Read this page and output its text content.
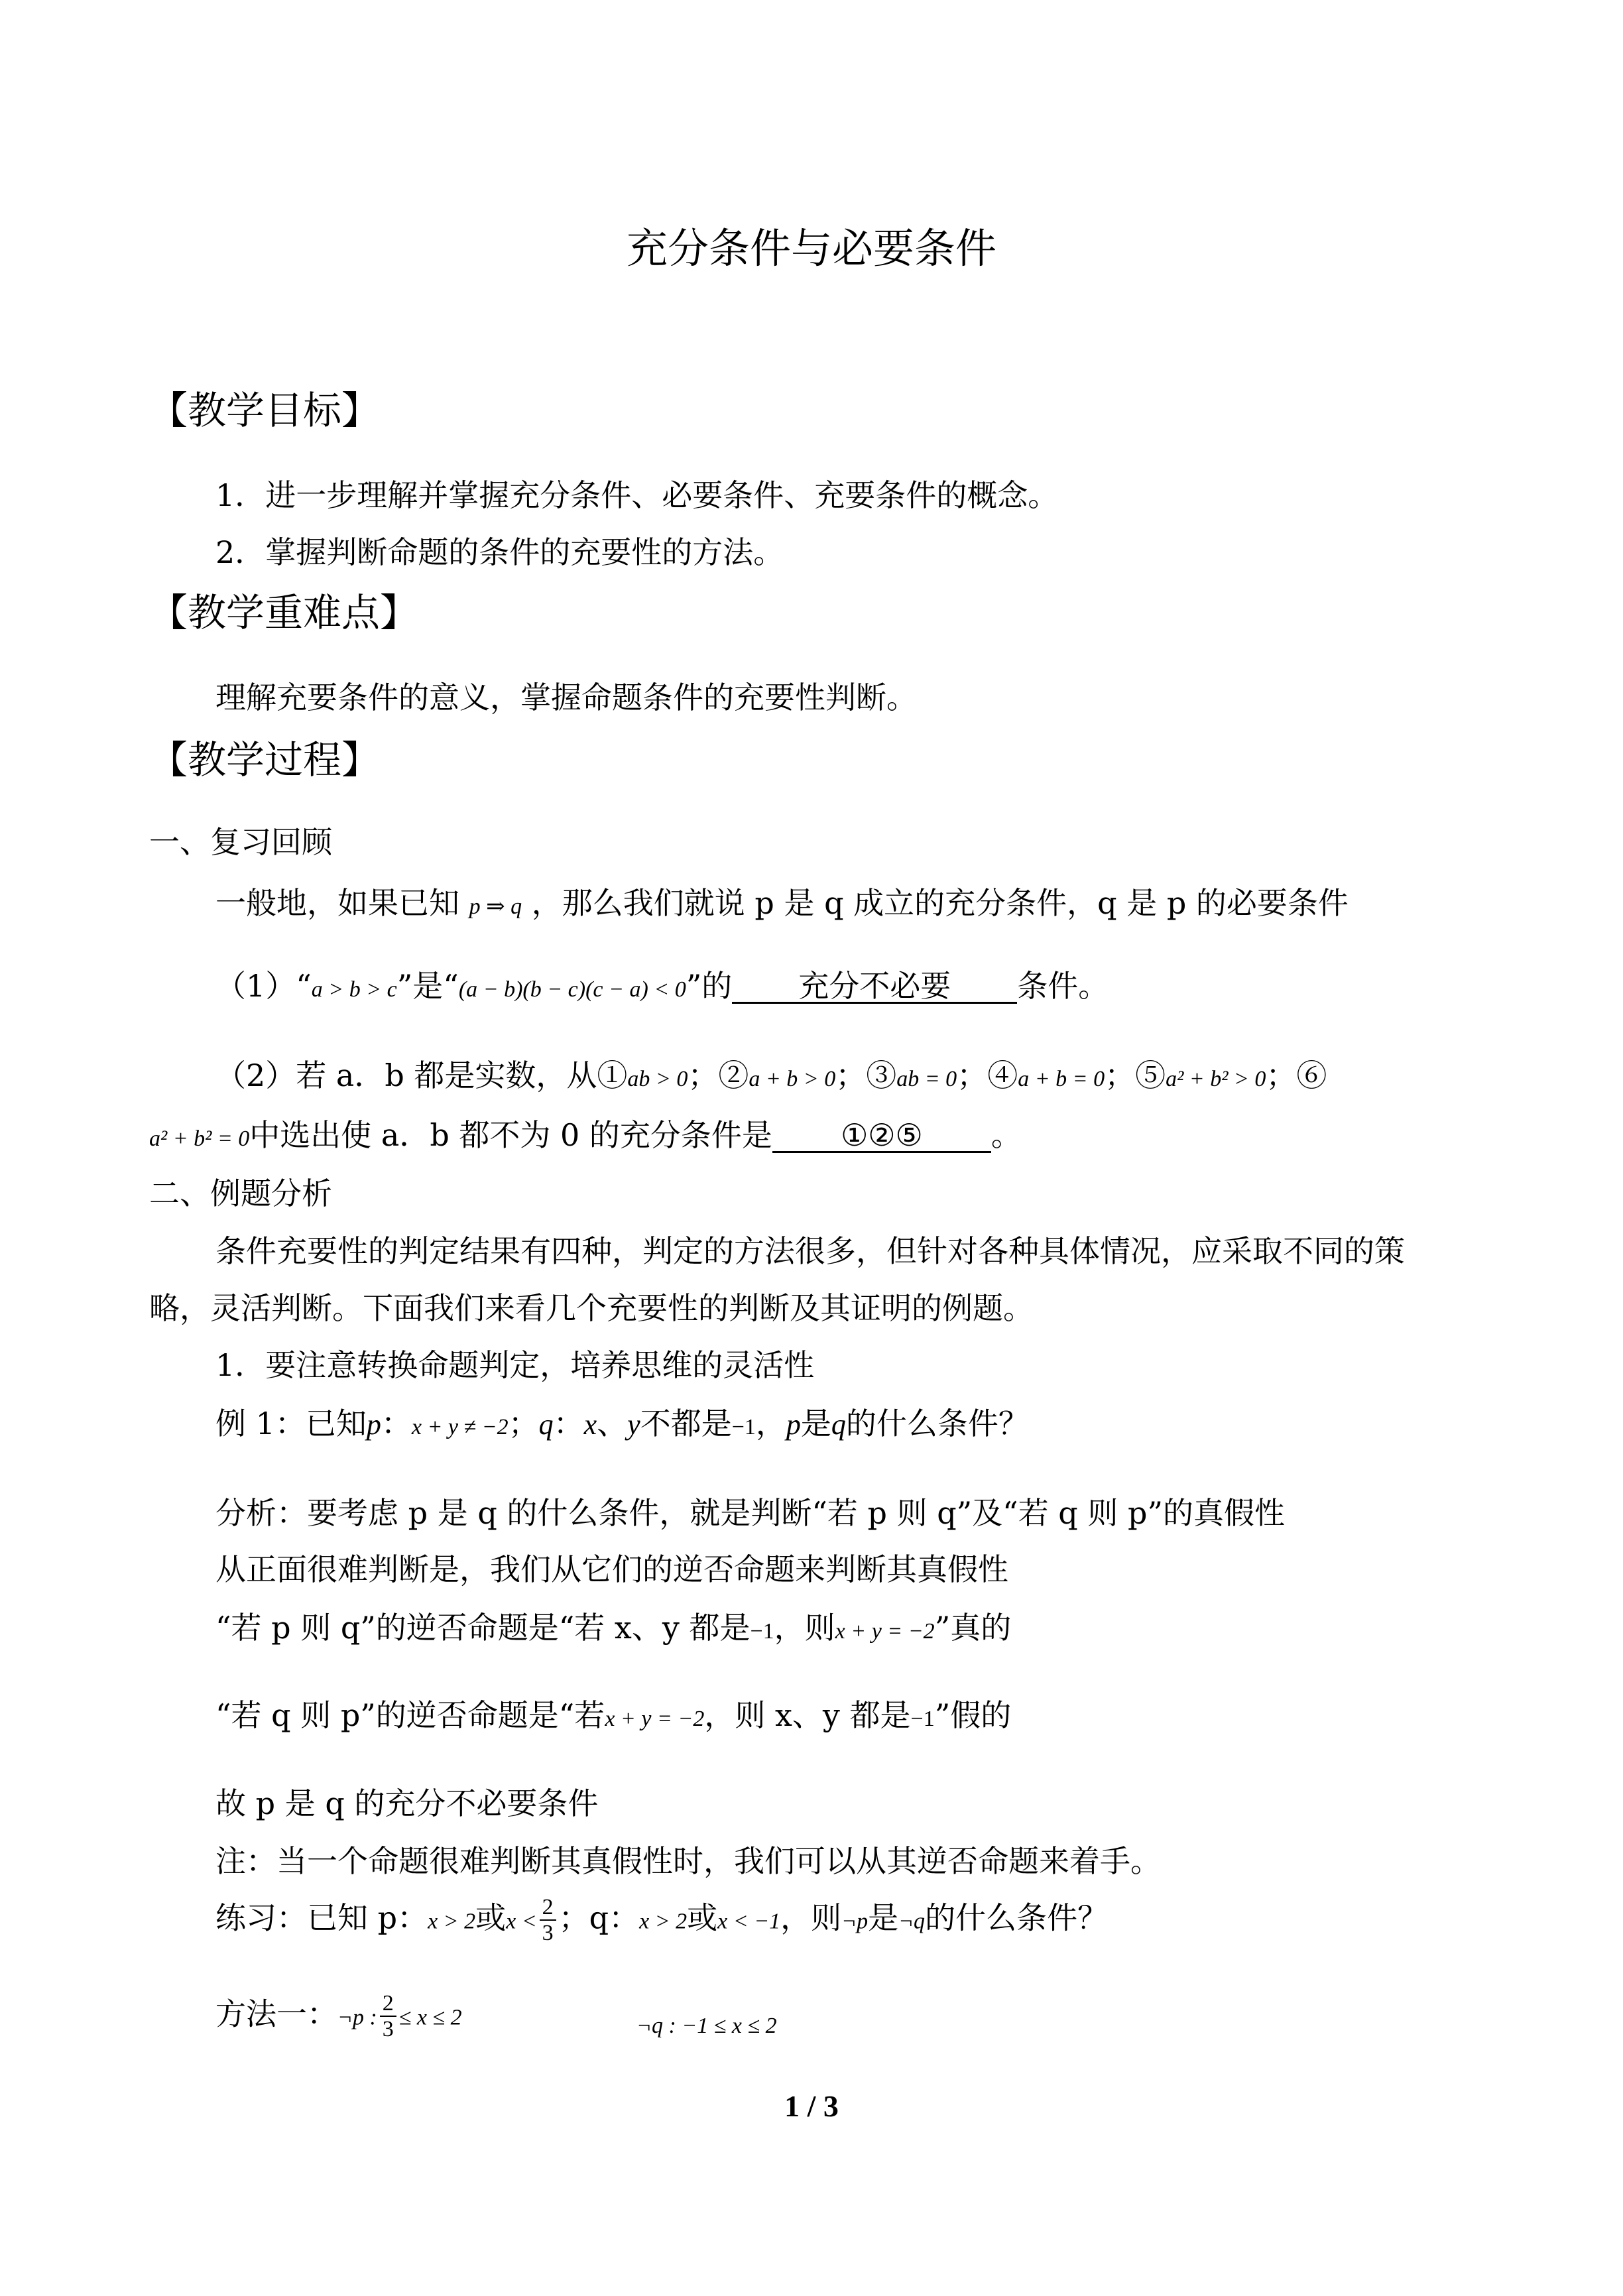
充分条件与必要条件
【教学目标】
1．进一步理解并掌握充分条件、必要条件、充要条件的概念。
2．掌握判断命题的条件的充要性的方法。
【教学重难点】
理解充要条件的意义，掌握命题条件的充要性判断。
【教学过程】
一、复习回顾
一般地，如果已知 p ⇒ q ，那么我们就说 p 是 q 成立的充分条件，q 是 p 的必要条件
（1）“a > b > c”是“(a − b)(b − c)(c − a) < 0”的 充分不必要 条件。
（2）若 a．b 都是实数，从①ab > 0；②a + b > 0；③ab = 0；④a + b = 0；⑤a² + b² > 0；⑥
a² + b² = 0中选出使 a．b 都不为 0 的充分条件是 ①②⑤ 。
二、例题分析
条件充要性的判定结果有四种，判定的方法很多，但针对各种具体情况，应采取不同的策
略，灵活判断。下面我们来看几个充要性的判断及其证明的例题。
1．要注意转换命题判定，培养思维的灵活性
例 1：已知p：x + y ≠ −2；q：x、y不都是−1，p是q的什么条件？
分析：要考虑 p 是 q 的什么条件，就是判断“若 p 则 q”及“若 q 则 p”的真假性
从正面很难判断是，我们从它们的逆否命题来判断其真假性
“若 p 则 q”的逆否命题是“若 x、y 都是−1，则x + y = −2”真的
“若 q 则 p”的逆否命题是“若x + y = −2，则 x、y 都是−1”假的
故 p 是 q 的充分不必要条件
注：当一个命题很难判断其真假性时，我们可以从其逆否命题来着手。
练习：已知 p：x > 2或$x < \frac{2}{3}$ ；q：x > 2或x < −1，则¬p是¬q的什么条件？
方法一：¬p : $\frac{2}{3} \le x \le 2$	¬q : −1 ≤ x ≤ 2
1 / 3
